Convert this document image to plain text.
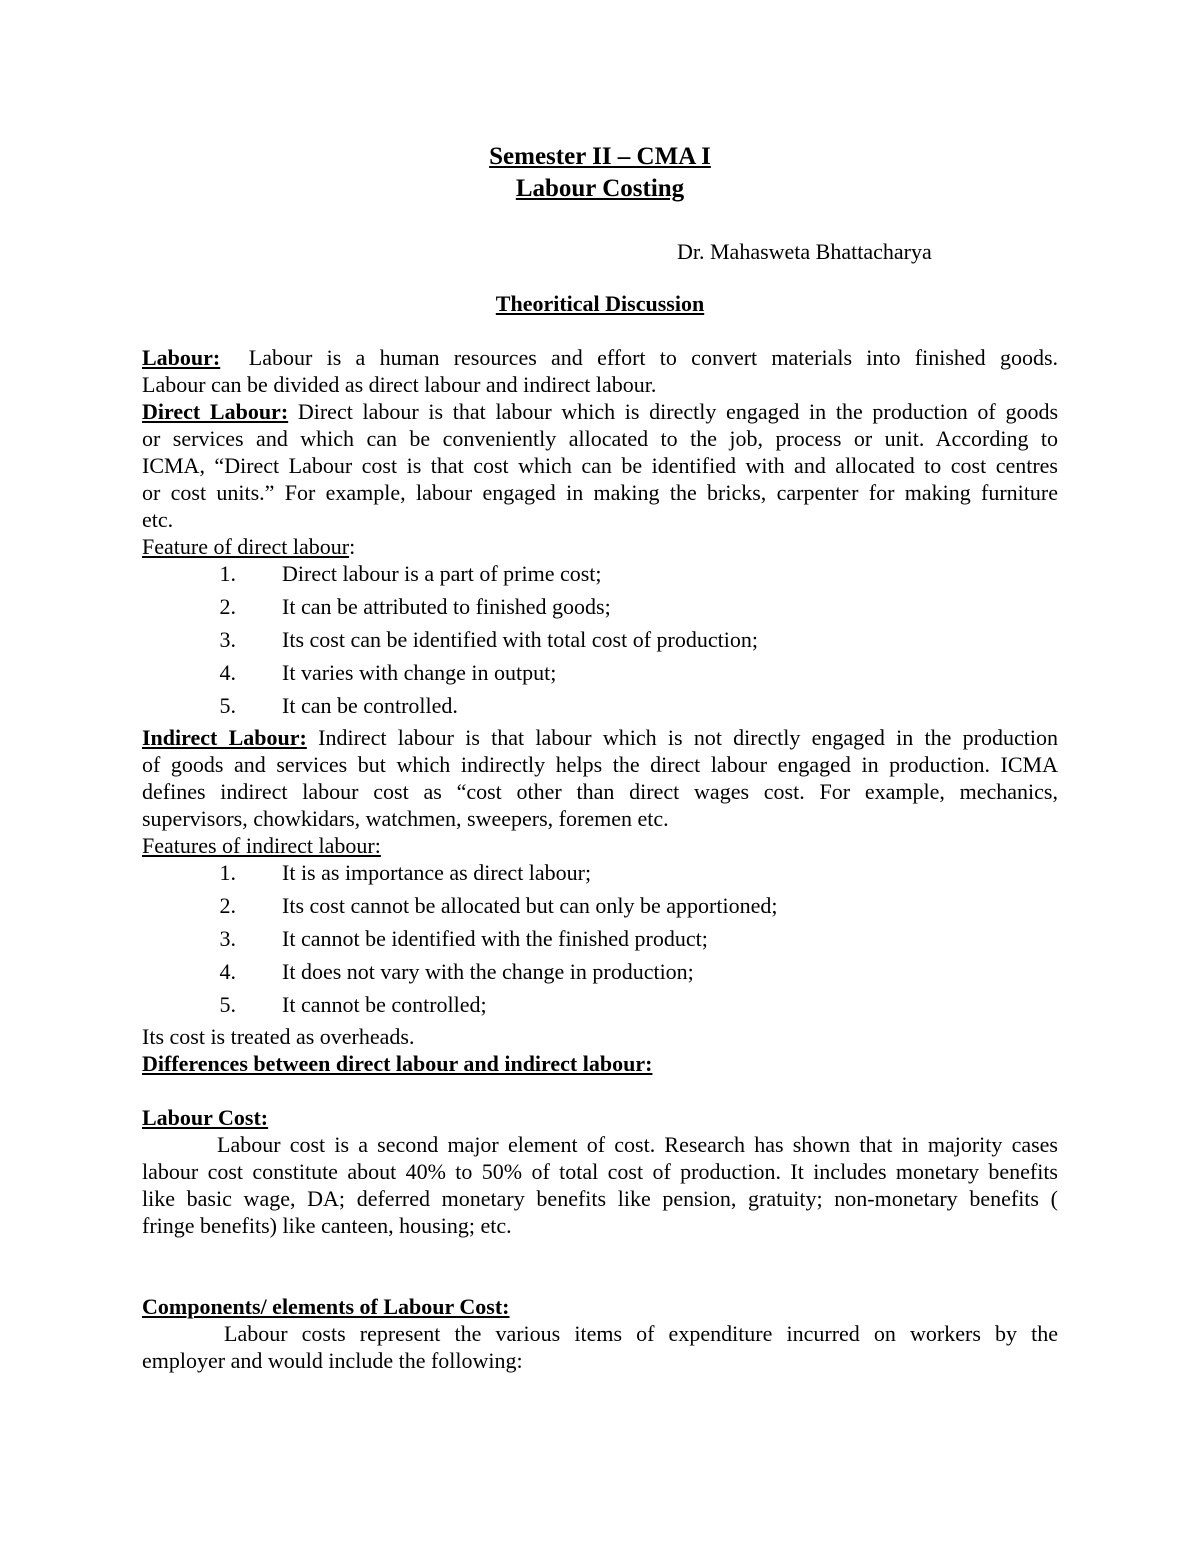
Semester II – CMA I
Labour Costing
Dr. Mahasweta Bhattacharya
Theoritical Discussion
Labour: Labour is a human resources and effort to convert materials into finished goods.
Labour can be divided as direct labour and indirect labour.
Direct Labour: Direct labour is that labour which is directly engaged in the production of goods
or services and which can be conveniently allocated to the job, process or unit. According to
ICMA, “Direct Labour cost is that cost which can be identified with and allocated to cost centres
or cost units.” For example, labour engaged in making the bricks, carpenter for making furniture
etc.
Feature of direct labour:
1. Direct labour is a part of prime cost;
2. It can be attributed to finished goods;
3. Its cost can be identified with total cost of production;
4. It varies with change in output;
5. It can be controlled.
Indirect Labour: Indirect labour is that labour which is not directly engaged in the production
of goods and services but which indirectly helps the direct labour engaged in production. ICMA
defines indirect labour cost as “cost other than direct wages cost. For example, mechanics,
supervisors, chowkidars, watchmen, sweepers, foremen etc.
Features of indirect labour:
1. It is as importance as direct labour;
2. Its cost cannot be allocated but can only be apportioned;
3. It cannot be identified with the finished product;
4. It does not vary with the change in production;
5. It cannot be controlled;
Its cost is treated as overheads.
Differences between direct labour and indirect labour:
Labour Cost:
Labour cost is a second major element of cost. Research has shown that in majority cases
labour cost constitute about 40% to 50% of total cost of production. It includes monetary benefits
like basic wage, DA; deferred monetary benefits like pension, gratuity; non-monetary benefits (
fringe benefits) like canteen, housing; etc.
Components/ elements of Labour Cost:
Labour costs represent the various items of expenditure incurred on workers by the
employer and would include the following:
